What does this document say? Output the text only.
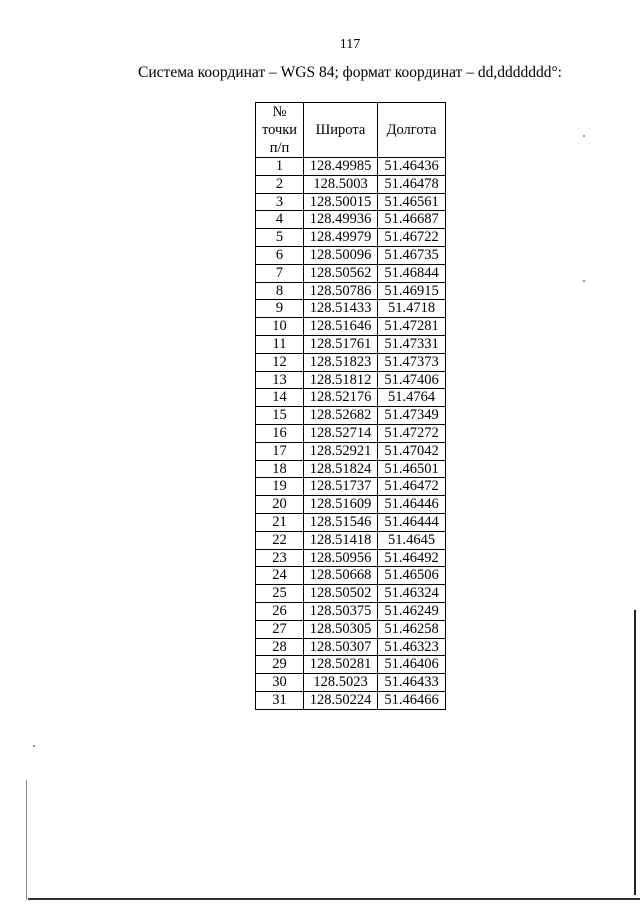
117
Система координат – WGS 84; формат координат – dd,ddddddd°:
№
точки
п/п	Широта	Долгота
1	128.49985	51.46436
2	128.5003	51.46478
3	128.50015	51.46561
4	128.49936	51.46687
5	128.49979	51.46722
6	128.50096	51.46735
7	128.50562	51.46844
8	128.50786	51.46915
9	128.51433	51.4718
10	128.51646	51.47281
11	128.51761	51.47331
12	128.51823	51.47373
13	128.51812	51.47406
14	128.52176	51.4764
15	128.52682	51.47349
16	128.52714	51.47272
17	128.52921	51.47042
18	128.51824	51.46501
19	128.51737	51.46472
20	128.51609	51.46446
21	128.51546	51.46444
22	128.51418	51.4645
23	128.50956	51.46492
24	128.50668	51.46506
25	128.50502	51.46324
26	128.50375	51.46249
27	128.50305	51.46258
28	128.50307	51.46323
29	128.50281	51.46406
30	128.5023	51.46433
31	128.50224	51.46466
